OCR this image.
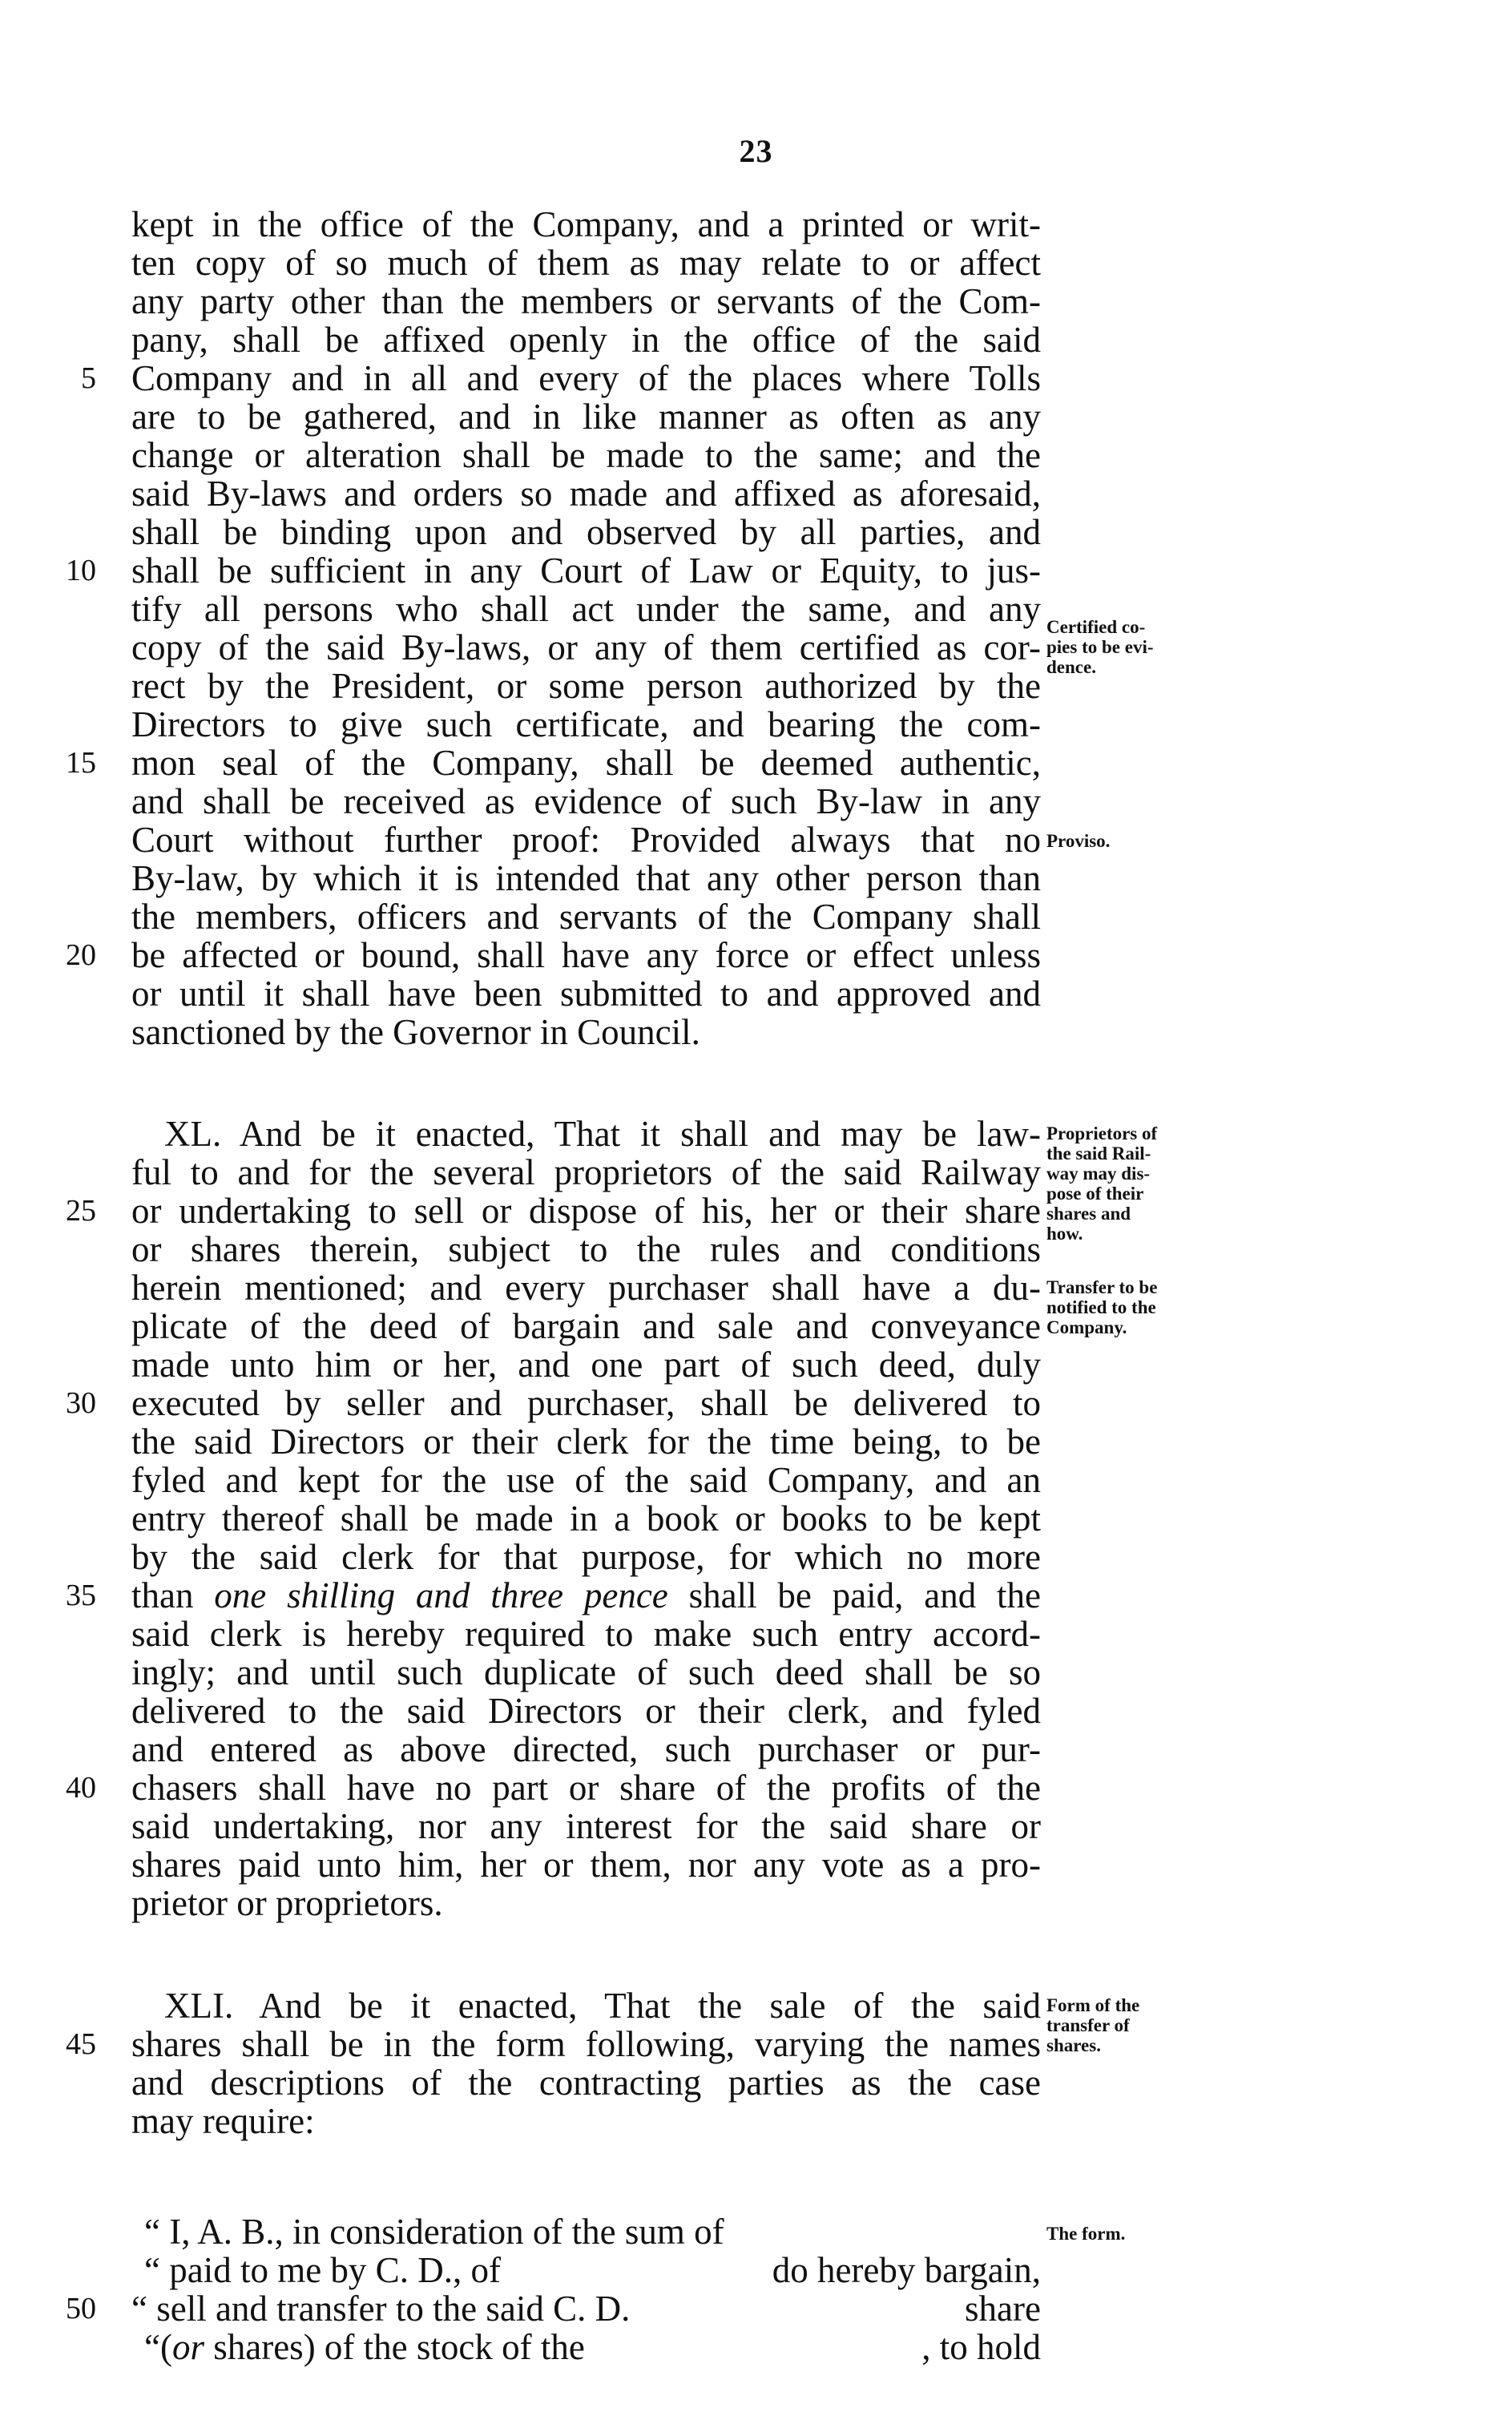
23
kept in the office of the Company, and a printed or writ-
ten copy of so much of them as may relate to or affect
any party other than the members or servants of the Com-
pany, shall be affixed openly in the office of the said
Company and in all and every of the places where Tolls
are to be gathered, and in like manner as often as any
change or alteration shall be made to the same; and the
said By-laws and orders so made and affixed as aforesaid,
shall be binding upon and observed by all parties, and
shall be sufficient in any Court of Law or Equity, to jus-
tify all persons who shall act under the same, and any
copy of the said By-laws, or any of them certified as cor-
rect by the President, or some person authorized by the
Directors to give such certificate, and bearing the com-
mon seal of the Company, shall be deemed authentic,
and shall be received as evidence of such By-law in any
Court without further proof: Provided always that no
By-law, by which it is intended that any other person than
the members, officers and servants of the Company shall
be affected or bound, shall have any force or effect unless
or until it shall have been submitted to and approved and
sanctioned by the Governor in Council.
XL. And be it enacted, That it shall and may be law-
ful to and for the several proprietors of the said Railway
or undertaking to sell or dispose of his, her or their share
or shares therein, subject to the rules and conditions
herein mentioned; and every purchaser shall have a du-
plicate of the deed of bargain and sale and conveyance
made unto him or her, and one part of such deed, duly
executed by seller and purchaser, shall be delivered to
the said Directors or their clerk for the time being, to be
fyled and kept for the use of the said Company, and an
entry thereof shall be made in a book or books to be kept
by the said clerk for that purpose, for which no more
than one shilling and three pence shall be paid, and the
said clerk is hereby required to make such entry accord-
ingly; and until such duplicate of such deed shall be so
delivered to the said Directors or their clerk, and fyled
and entered as above directed, such purchaser or pur-
chasers shall have no part or share of the profits of the
said undertaking, nor any interest for the said share or
shares paid unto him, her or them, nor any vote as a pro-
prietor or proprietors.
XLI. And be it enacted, That the sale of the said
shares shall be in the form following, varying the names
and descriptions of the contracting parties as the case
may require:
“ I, A. B., in consideration of the sum of
“ paid to me by C. D., of	do hereby bargain,
“ sell and transfer to the said C. D.	share
“(or shares) of the stock of the	, to hold
5
10
15
20
25
30
35
40
45
50
Certified co-
pies to be evi-
dence.
Proviso.
Proprietors of
the said Rail-
way may dis-
pose of their
shares and
how.
Transfer to be
notified to the
Company.
Form of the
transfer of
shares.
The form.
